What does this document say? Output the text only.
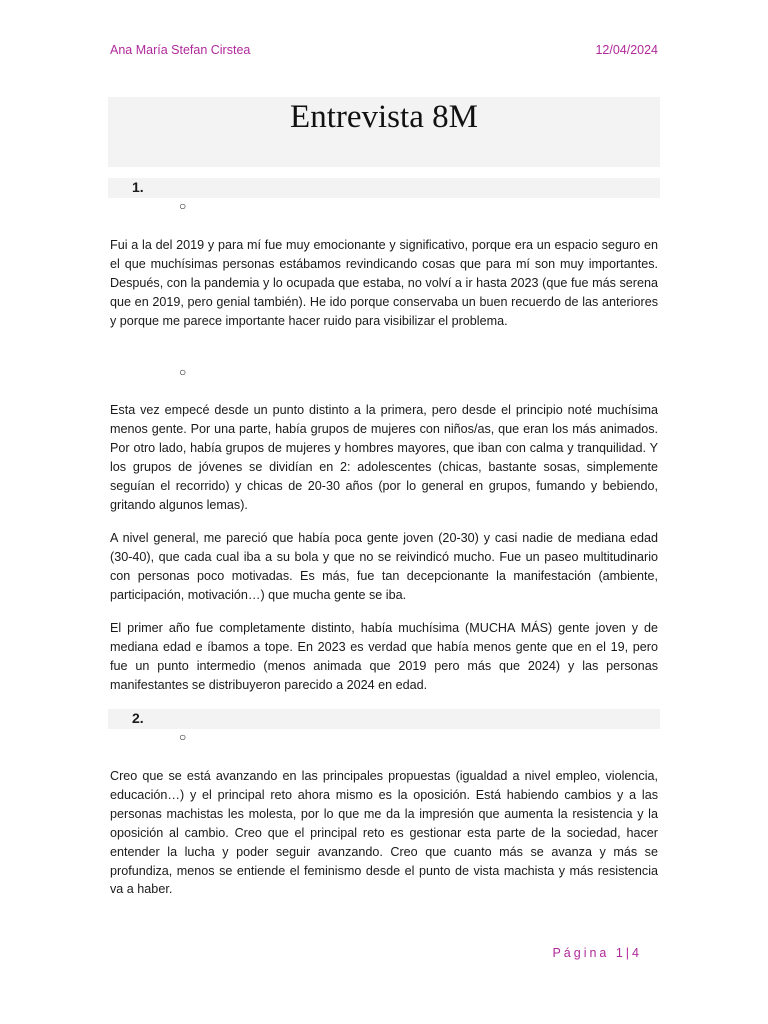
Ana María Stefan Cirstea	12/04/2024
Entrevista 8M
1.
○

Fui a la del 2019 y para mí fue muy emocionante y significativo, porque era un espacio seguro en el que muchísimas personas estábamos revindicando cosas que para mí son muy importantes. Después, con la pandemia y lo ocupada que estaba, no volví a ir hasta 2023 (que fue más serena que en 2019, pero genial también). He ido porque conservaba un buen recuerdo de las anteriores y porque me parece importante hacer ruido para visibilizar el problema.

○

Esta vez empecé desde un punto distinto a la primera, pero desde el principio noté muchísima menos gente. Por una parte, había grupos de mujeres con niños/as, que eran los más animados. Por otro lado, había grupos de mujeres y hombres mayores, que iban con calma y tranquilidad. Y los grupos de jóvenes se dividían en 2: adolescentes (chicas, bastante sosas, simplemente seguían el recorrido) y chicas de 20-30 años (por lo general en grupos, fumando y bebiendo, gritando algunos lemas).

A nivel general, me pareció que había poca gente joven (20-30) y casi nadie de mediana edad (30-40), que cada cual iba a su bola y que no se reivindicó mucho. Fue un paseo multitudinario con personas poco motivadas. Es más, fue tan decepcionante la manifestación (ambiente, participación, motivación…) que mucha gente se iba.

El primer año fue completamente distinto, había muchísima (MUCHA MÁS) gente joven y de mediana edad e íbamos a tope. En 2023 es verdad que había menos gente que en el 19, pero fue un punto intermedio (menos animada que 2019 pero más que 2024) y las personas manifestantes se distribuyeron parecido a 2024 en edad.

2.
○

Creo que se está avanzando en las principales propuestas (igualdad a nivel empleo, violencia, educación…) y el principal reto ahora mismo es la oposición. Está habiendo cambios y a las personas machistas les molesta, por lo que me da la impresión que aumenta la resistencia y la oposición al cambio. Creo que el principal reto es gestionar esta parte de la sociedad, hacer entender la lucha y poder seguir avanzando. Creo que cuanto más se avanza y más se profundiza, menos se entiende el feminismo desde el punto de vista machista y más resistencia va a haber.

Página 1|4
